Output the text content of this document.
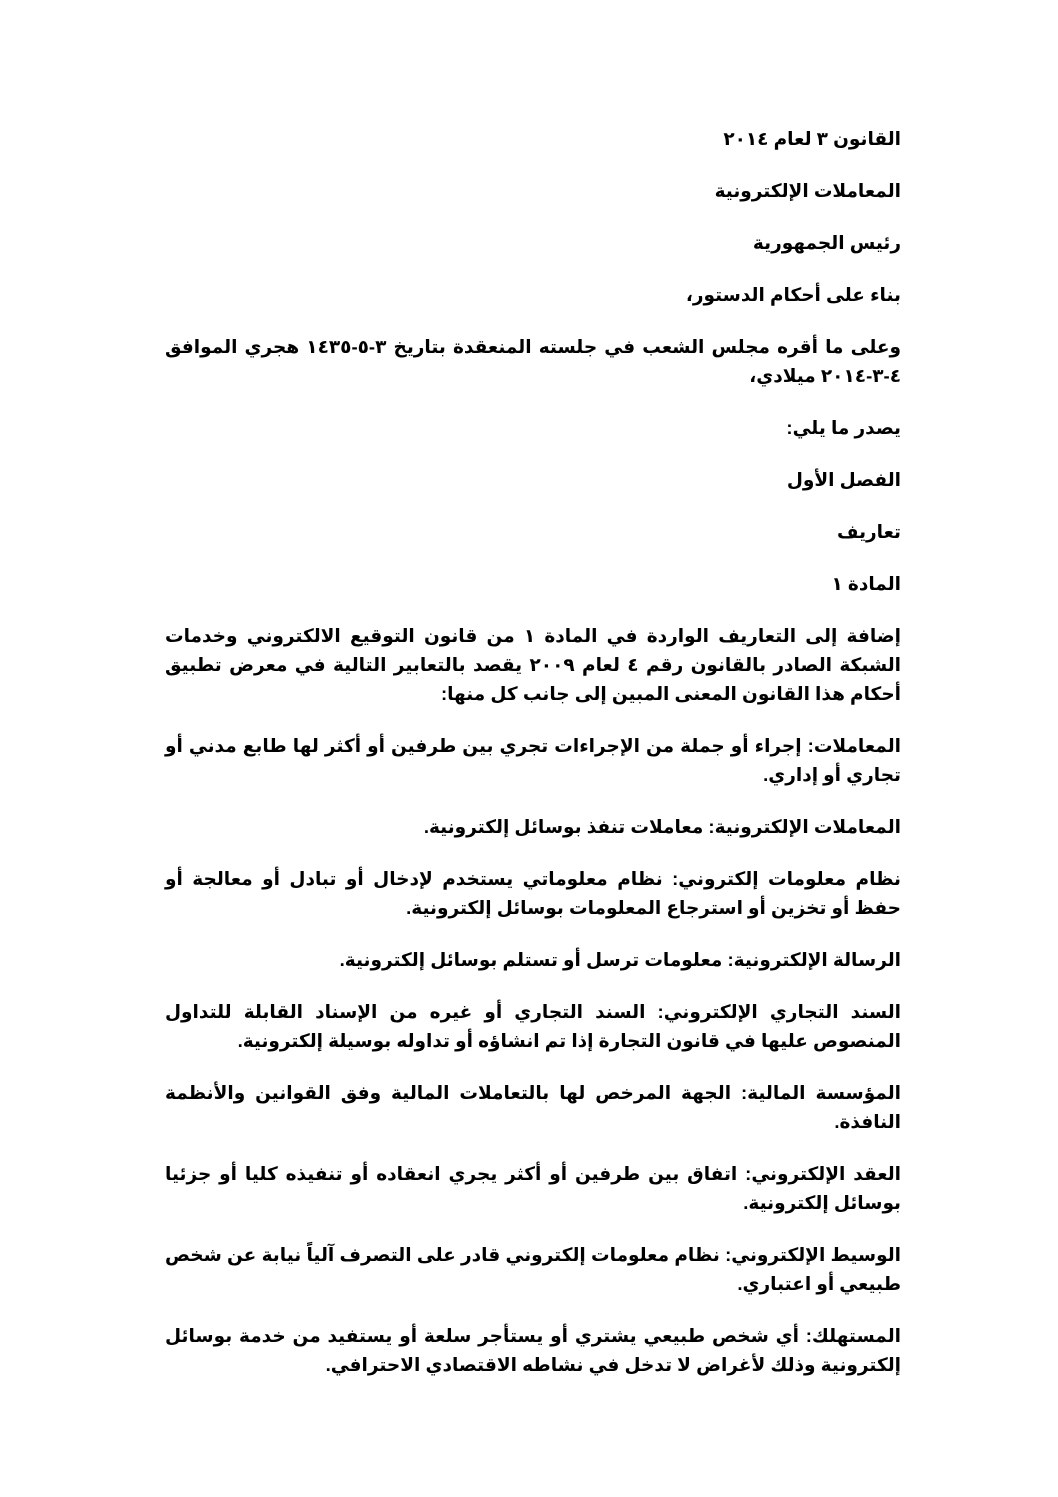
القانون ٣ لعام ٢٠١٤

المعاملات الإلكترونية

رئيس الجمهورية

بناء على أحكام الدستور،

وعلى ما أقره مجلس الشعب في جلسته المنعقدة بتاريخ ٣-٥-١٤٣٥ هجري الموافق ٤-٣-٢٠١٤ ميلادي،

يصدر ما يلي:

الفصل الأول

تعاريف

المادة ١

إضافة إلى التعاريف الواردة في المادة ١ من قانون التوقيع الالكتروني وخدمات الشبكة الصادر بالقانون رقم ٤ لعام ٢٠٠٩ يقصد بالتعابير التالية في معرض تطبيق أحكام هذا القانون المعنى المبين إلى جانب كل منها:

المعاملات: إجراء أو جملة من الإجراءات تجري بين طرفين أو أكثر لها طابع مدني أو تجاري أو إداري.

المعاملات الإلكترونية: معاملات تنفذ بوسائل إلكترونية.

نظام معلومات إلكتروني: نظام معلوماتي يستخدم لإدخال أو تبادل أو معالجة أو حفظ أو تخزين أو استرجاع المعلومات بوسائل إلكترونية.

الرسالة الإلكترونية: معلومات ترسل أو تستلم بوسائل إلكترونية.

السند التجاري الإلكتروني: السند التجاري أو غيره من الإسناد القابلة للتداول المنصوص عليها في قانون التجارة إذا تم انشاؤه أو تداوله بوسيلة إلكترونية.

المؤسسة المالية: الجهة المرخص لها بالتعاملات المالية وفق القوانين والأنظمة النافذة.

العقد الإلكتروني: اتفاق بين طرفين أو أكثر يجري انعقاده أو تنفيذه كليا أو جزئيا بوسائل إلكترونية.

الوسيط الإلكتروني: نظام معلومات إلكتروني قادر على التصرف آلياً نيابة عن شخص طبيعي أو اعتباري.

المستهلك: أي شخص طبيعي يشتري أو يستأجر سلعة أو يستفيد من خدمة بوسائل إلكترونية وذلك لأغراض لا تدخل في نشاطه الاقتصادي الاحترافي.
